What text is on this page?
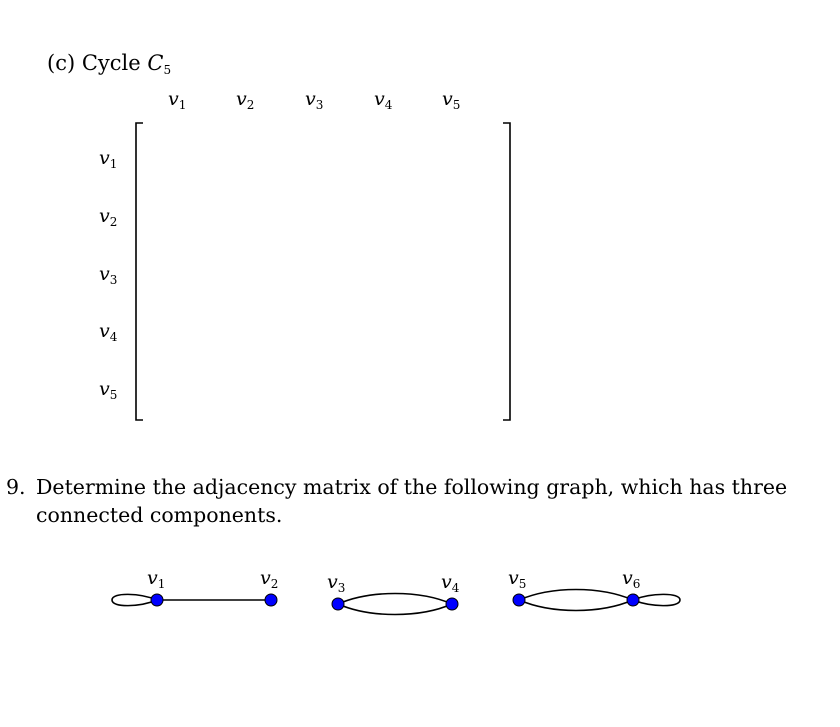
(c) Cycle $C_5$
$v_1$	$v_2$	$v_3$	$v_4$	$v_5$
$v_1$
$v_2$
$v_3$
$v_4$
$v_5$
9. Determine the adjacency matrix of the following graph, which has three
connected components.
$v_1$	$v_2$	$v_3$	$v_4$	$v_5$	$v_6$
